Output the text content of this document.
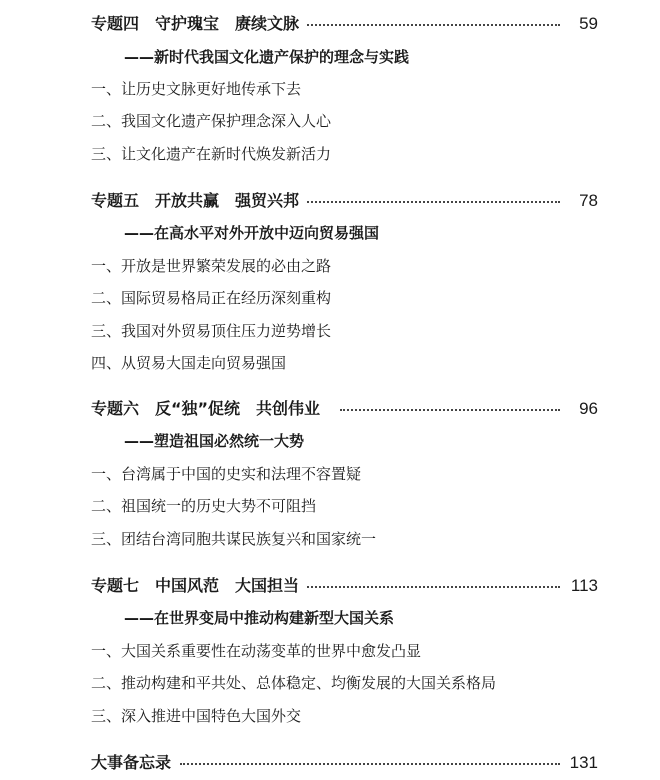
专题四　守护瑰宝　赓续文脉	59
——新时代我国文化遗产保护的理念与实践
一、让历史文脉更好地传承下去
二、我国文化遗产保护理念深入人心
三、让文化遗产在新时代焕发新活力
专题五　开放共赢　强贸兴邦	78
——在高水平对外开放中迈向贸易强国
一、开放是世界繁荣发展的必由之路
二、国际贸易格局正在经历深刻重构
三、我国对外贸易顶住压力逆势增长
四、从贸易大国走向贸易强国
专题六　反“独”促统　共创伟业	96
——塑造祖国必然统一大势
一、台湾属于中国的史实和法理不容置疑
二、祖国统一的历史大势不可阻挡
三、团结台湾同胞共谋民族复兴和国家统一
专题七　中国风范　大国担当	113
——在世界变局中推动构建新型大国关系
一、大国关系重要性在动荡变革的世界中愈发凸显
二、推动构建和平共处、总体稳定、均衡发展的大国关系格局
三、深入推进中国特色大国外交
大事备忘录	131
